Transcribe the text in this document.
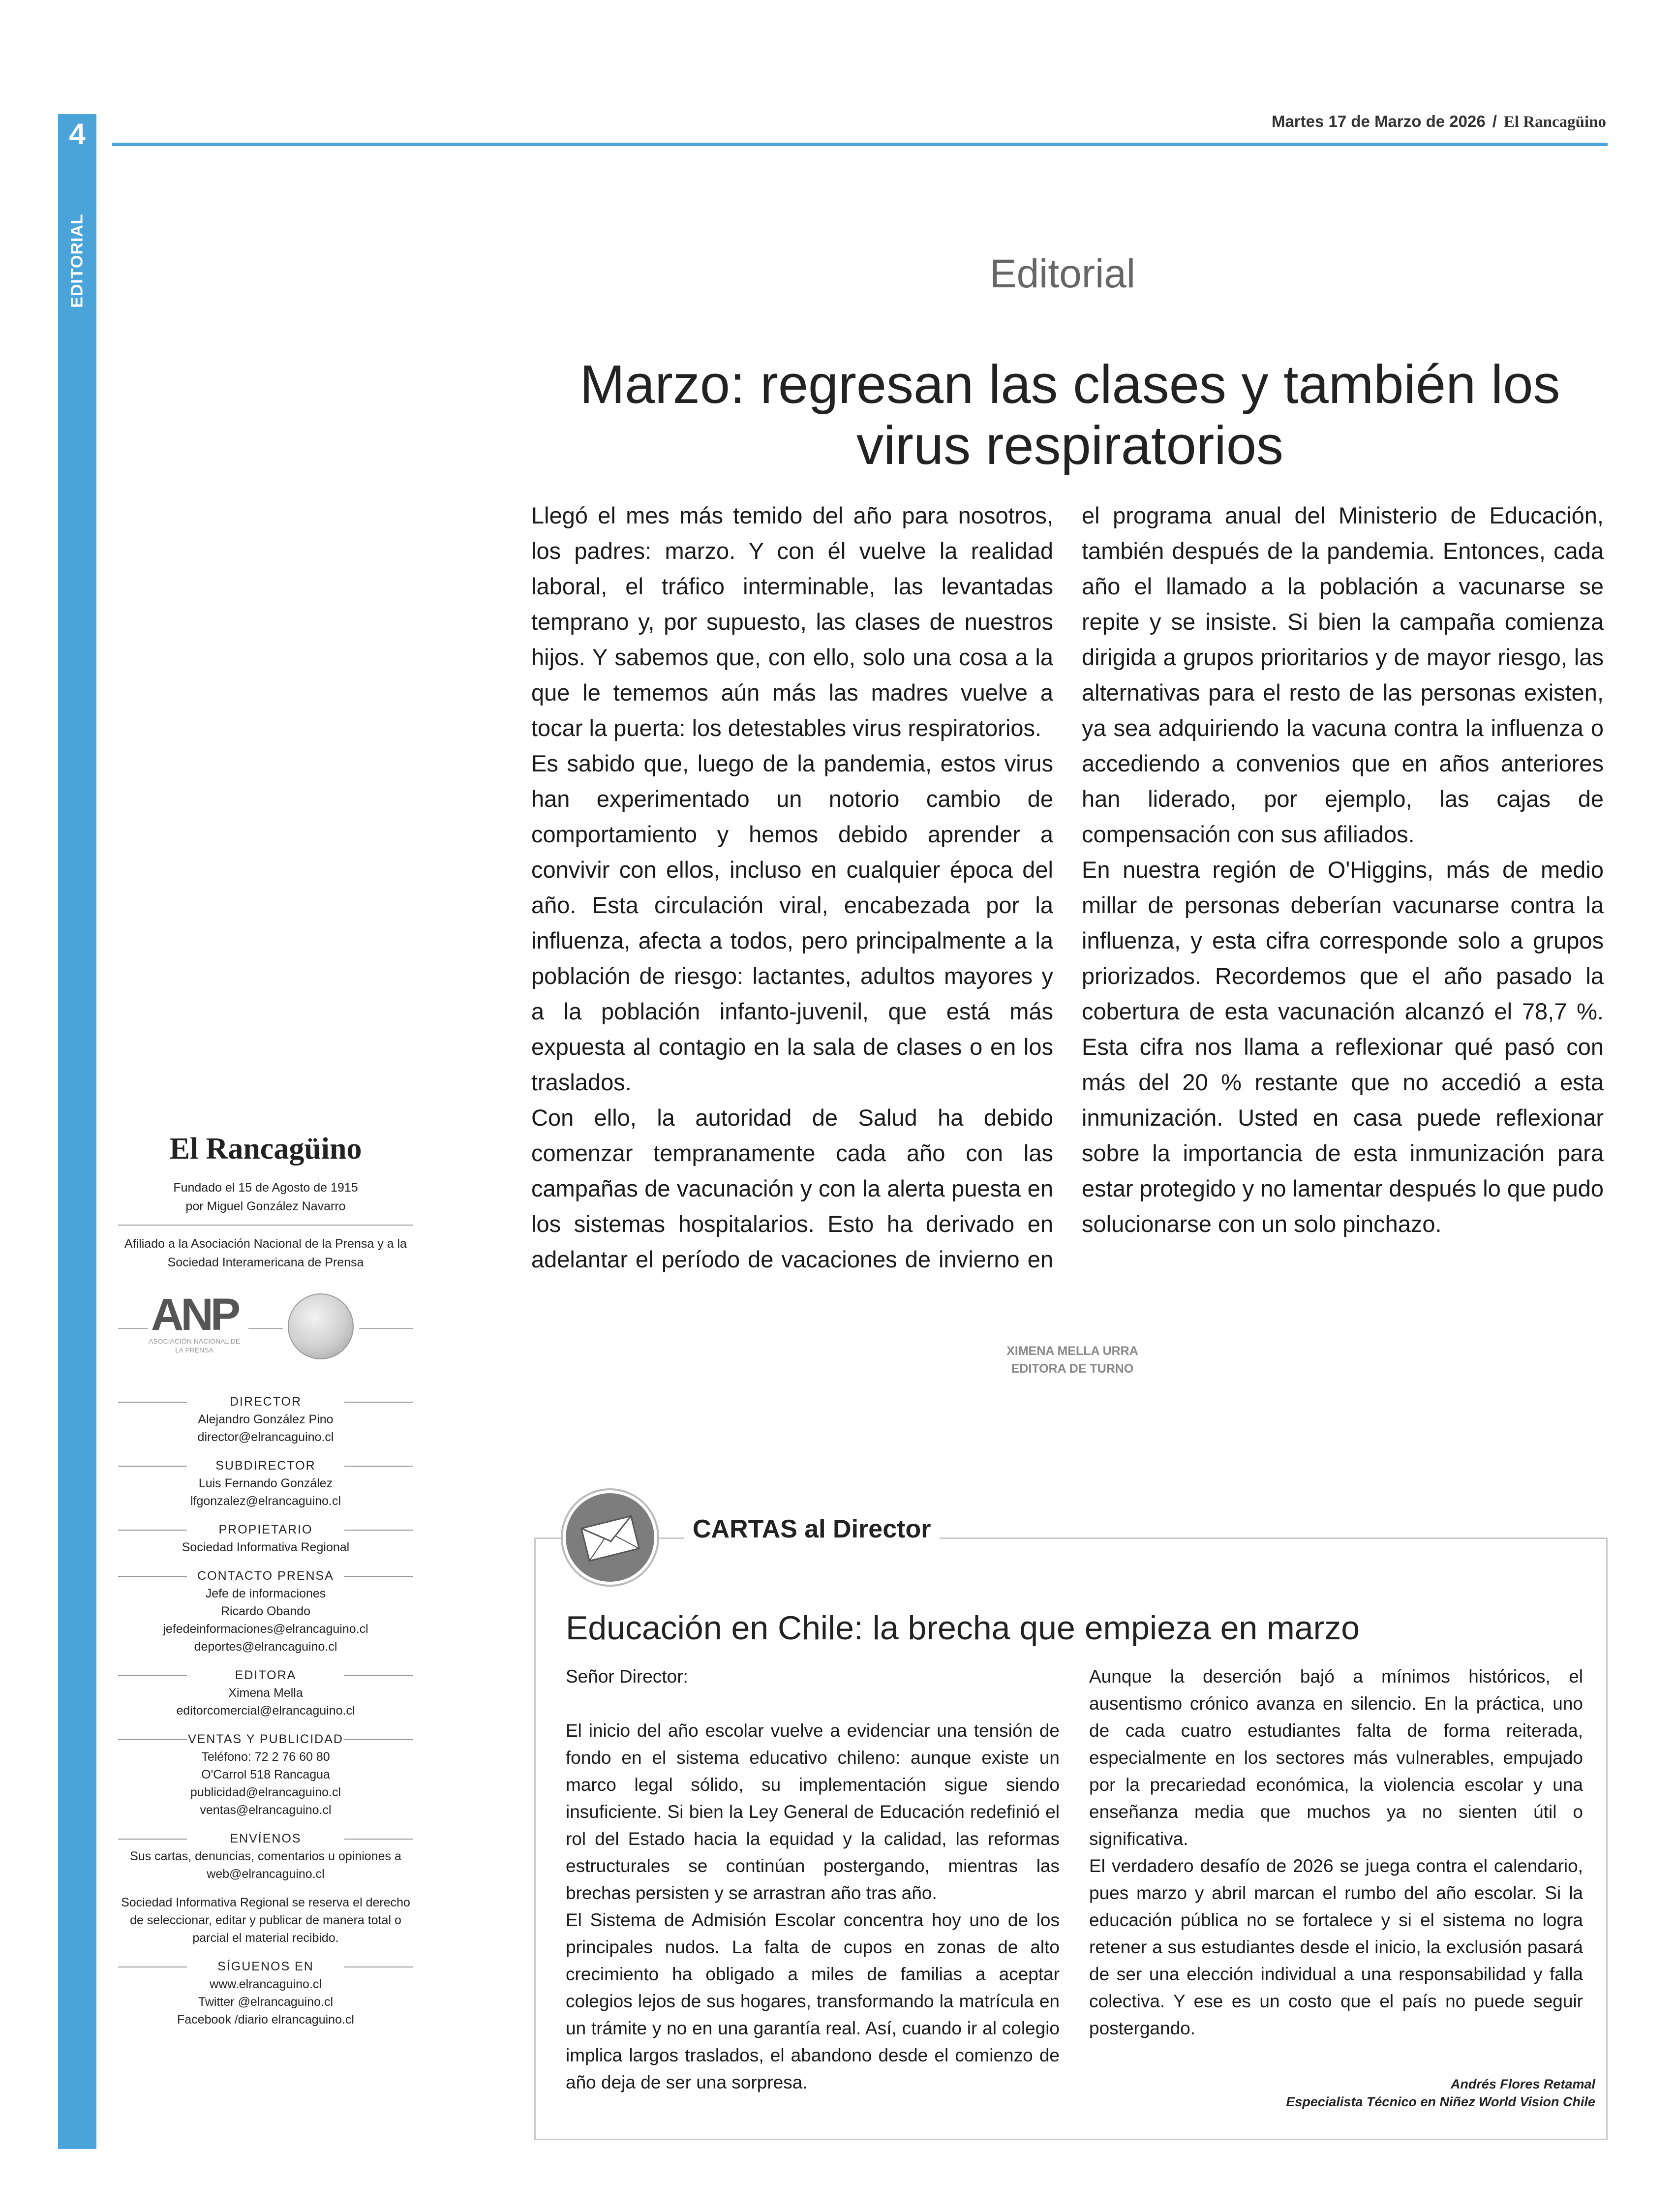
4
EDITORIAL
Martes 17 de Marzo de 2026 / El Rancagüino
El Rancagüino
Fundado el 15 de Agosto de 1915
por Miguel González Navarro
Afiliado a la Asociación Nacional de la Prensa y a la Sociedad Interamericana de Prensa
ANP
ASOCIACIÓN NACIONAL DE LA PRENSA
DIRECTOR
Alejandro González Pino
director@elrancaguino.cl
SUBDIRECTOR
Luis Fernando González
lfgonzalez@elrancaguino.cl
PROPIETARIO
Sociedad Informativa Regional
CONTACTO PRENSA
Jefe de informaciones
Ricardo Obando
jefedeinformaciones@elrancaguino.cl
deportes@elrancaguino.cl
EDITORA
Ximena Mella
editorcomercial@elrancaguino.cl
VENTAS Y PUBLICIDAD
Teléfono: 72 2 76 60 80
O'Carrol 518 Rancagua
publicidad@elrancaguino.cl
ventas@elrancaguino.cl
ENVÍENOS
Sus cartas, denuncias, comentarios u opiniones a web@elrancaguino.cl
Sociedad Informativa Regional se reserva el derecho de seleccionar, editar y publicar de manera total o parcial el material recibido.
SÍGUENOS EN
www.elrancaguino.cl
Twitter @elrancaguino.cl
Facebook /diario elrancaguino.cl
Editorial
Marzo: regresan las clases y también los virus respiratorios

Llegó el mes más temido del año para nosotros, los padres: marzo. Y con él vuelve la realidad laboral, el tráfico interminable, las levantadas temprano y, por supuesto, las clases de nuestros hijos. Y sabemos que, con ello, solo una cosa a la que le tememos aún más las madres vuelve a tocar la puerta: los detestables virus respiratorios.

Es sabido que, luego de la pandemia, estos virus han experimentado un notorio cambio de comportamiento y hemos debido aprender a convivir con ellos, incluso en cualquier época del año. Esta circulación viral, encabezada por la influenza, afecta a todos, pero principalmente a la población de riesgo: lactantes, adultos mayores y a la población infanto-juvenil, que está más expuesta al contagio en la sala de clases o en los traslados.

Con ello, la autoridad de Salud ha debido comenzar tempranamente cada año con las campañas de vacunación y con la alerta puesta en los sistemas hospitalarios. Esto ha derivado en adelantar el período de vacaciones de invierno en el programa anual del Ministerio de Educación, también después de la pandemia. Entonces, cada año el llamado a la población a vacunarse se repite y se insiste. Si bien la campaña comienza dirigida a grupos prioritarios y de mayor riesgo, las alternativas para el resto de las personas existen, ya sea adquiriendo la vacuna contra la influenza o accediendo a convenios que en años anteriores han liderado, por ejemplo, las cajas de compensación con sus afiliados.

En nuestra región de O'Higgins, más de medio millar de personas deberían vacunarse contra la influenza, y esta cifra corresponde solo a grupos priorizados. Recordemos que el año pasado la cobertura de esta vacunación alcanzó el 78,7 %. Esta cifra nos llama a reflexionar qué pasó con más del 20 % restante que no accedió a esta inmunización. Usted en casa puede reflexionar sobre la importancia de esta inmunización para estar protegido y no lamentar después lo que pudo solucionarse con un solo pinchazo.

XIMENA MELLA URRA
EDITORA DE TURNO
CARTAS al Director
Educación en Chile: la brecha que empieza en marzo

Señor Director:

El inicio del año escolar vuelve a evidenciar una tensión de fondo en el sistema educativo chileno: aunque existe un marco legal sólido, su implementación sigue siendo insuficiente. Si bien la Ley General de Educación redefinió el rol del Estado hacia la equidad y la calidad, las reformas estructurales se continúan postergando, mientras las brechas persisten y se arrastran año tras año.

El Sistema de Admisión Escolar concentra hoy uno de los principales nudos. La falta de cupos en zonas de alto crecimiento ha obligado a miles de familias a aceptar colegios lejos de sus hogares, transformando la matrícula en un trámite y no en una garantía real. Así, cuando ir al colegio implica largos traslados, el abandono desde el comienzo de año deja de ser una sorpresa.

Aunque la deserción bajó a mínimos históricos, el ausentismo crónico avanza en silencio. En la práctica, uno de cada cuatro estudiantes falta de forma reiterada, especialmente en los sectores más vulnerables, empujado por la precariedad económica, la violencia escolar y una enseñanza media que muchos ya no sienten útil o significativa.

El verdadero desafío de 2026 se juega contra el calendario, pues marzo y abril marcan el rumbo del año escolar. Si la educación pública no se fortalece y si el sistema no logra retener a sus estudiantes desde el inicio, la exclusión pasará de ser una elección individual a una responsabilidad y falla colectiva. Y ese es un costo que el país no puede seguir postergando.

Andrés Flores Retamal
Especialista Técnico en Niñez World Vision Chile
